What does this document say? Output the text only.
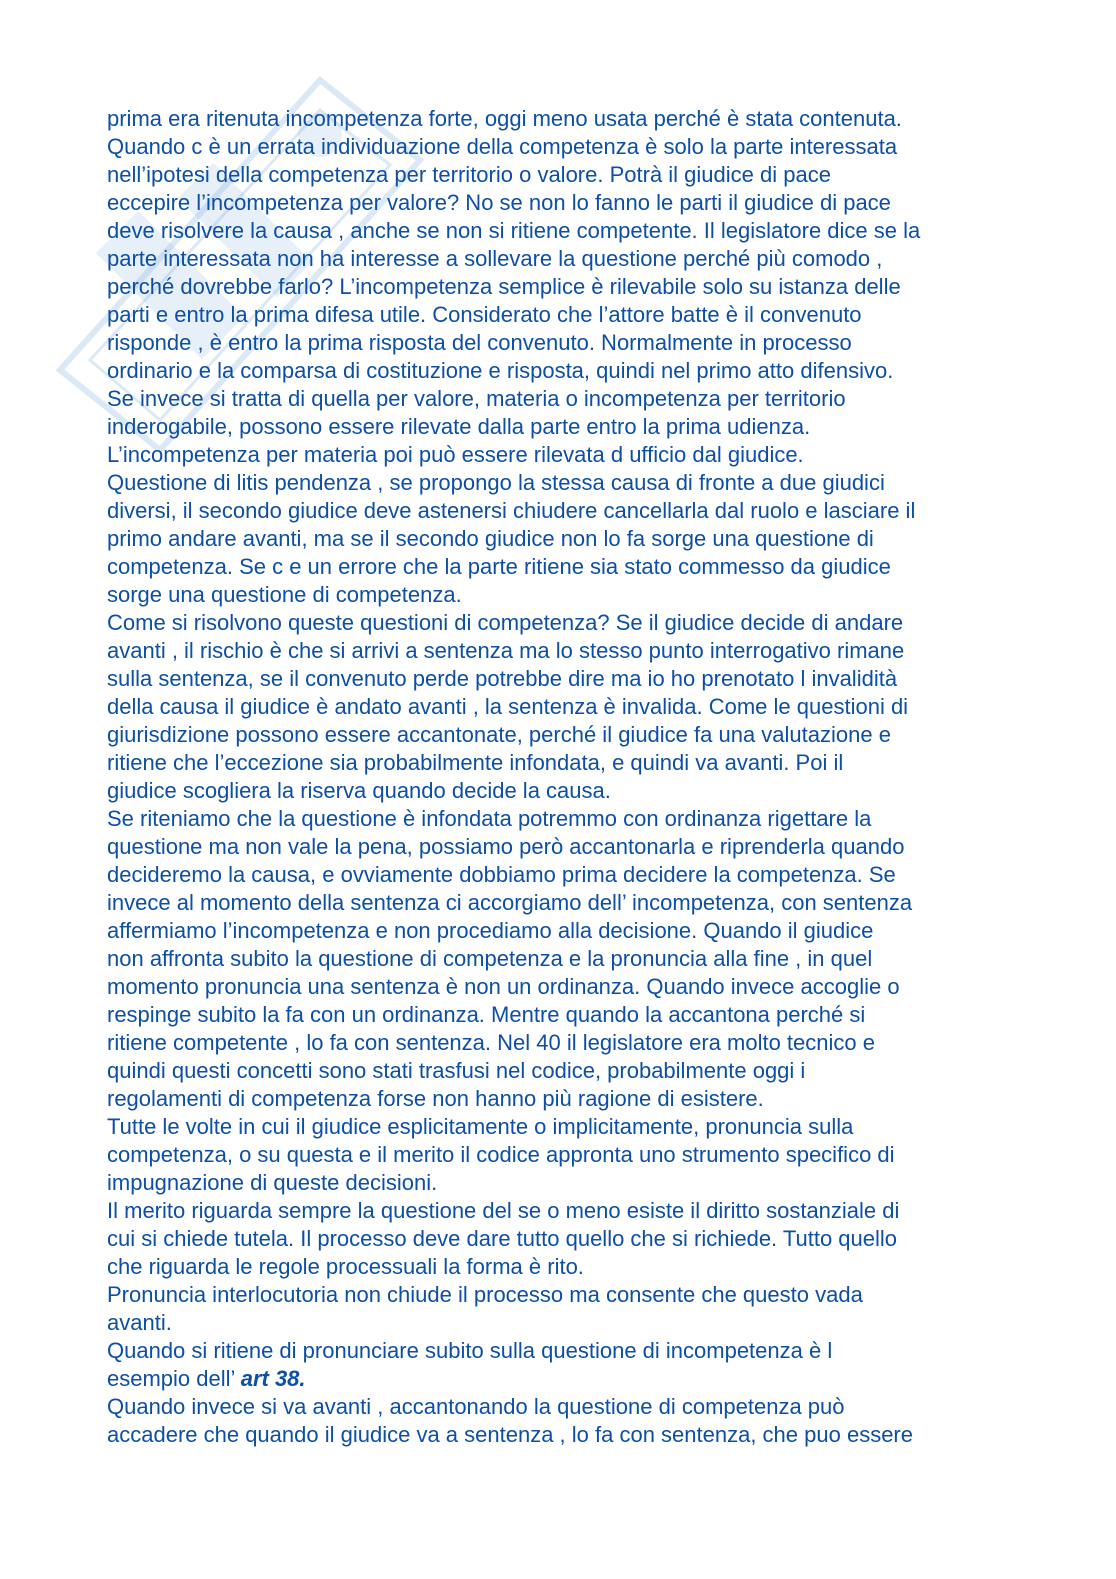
prima era ritenuta incompetenza forte, oggi meno usata perché è stata contenuta.
Quando c è un errata individuazione della competenza è solo la parte interessata
nell’ipotesi della competenza per territorio o valore. Potrà il giudice di pace
eccepire l’incompetenza per valore? No se non lo fanno le parti il giudice di pace
deve risolvere la causa , anche se non si ritiene competente. Il legislatore dice se la
parte interessata non ha interesse a sollevare la questione perché più comodo ,
perché dovrebbe farlo? L’incompetenza semplice è rilevabile solo su istanza delle
parti e entro la prima difesa utile. Considerato che l’attore batte è il convenuto
risponde , è entro la prima risposta del convenuto. Normalmente in processo
ordinario e la comparsa di costituzione e risposta, quindi nel primo atto difensivo.
Se invece si tratta di quella per valore, materia o incompetenza per territorio
inderogabile, possono essere rilevate dalla parte entro la prima udienza.
L’incompetenza per materia poi può essere rilevata d ufficio dal giudice.
Questione di litis pendenza , se propongo la stessa causa di fronte a due giudici
diversi, il secondo giudice deve astenersi chiudere cancellarla dal ruolo e lasciare il
primo andare avanti, ma se il secondo giudice non lo fa sorge una questione di
competenza. Se c e un errore che la parte ritiene sia stato commesso da giudice
sorge una questione di competenza.
Come si risolvono queste questioni di competenza? Se il giudice decide di andare
avanti , il rischio è che si arrivi a sentenza ma lo stesso punto interrogativo rimane
sulla sentenza, se il convenuto perde potrebbe dire ma io ho prenotato l invalidità
della causa il giudice è andato avanti , la sentenza è invalida. Come le questioni di
giurisdizione possono essere accantonate, perché il giudice fa una valutazione e
ritiene che l’eccezione sia probabilmente infondata, e quindi va avanti. Poi il
giudice scogliera la riserva quando decide la causa.
Se riteniamo che la questione è infondata potremmo con ordinanza rigettare la
questione ma non vale la pena, possiamo però accantonarla e riprenderla quando
decideremo la causa, e ovviamente dobbiamo prima decidere la competenza. Se
invece al momento della sentenza ci accorgiamo dell’ incompetenza, con sentenza
affermiamo l’incompetenza e non procediamo alla decisione. Quando il giudice
non affronta subito la questione di competenza e la pronuncia alla fine , in quel
momento pronuncia una sentenza è non un ordinanza. Quando invece accoglie o
respinge subito la fa con un ordinanza. Mentre quando la accantona perché si
ritiene competente , lo fa con sentenza. Nel 40 il legislatore era molto tecnico e
quindi questi concetti sono stati trasfusi nel codice, probabilmente oggi i
regolamenti di competenza forse non hanno più ragione di esistere.
Tutte le volte in cui il giudice esplicitamente o implicitamente, pronuncia sulla
competenza, o su questa e il merito il codice appronta uno strumento specifico di
impugnazione di queste decisioni.
Il merito riguarda sempre la questione del se o meno esiste il diritto sostanziale di
cui si chiede tutela. Il processo deve dare tutto quello che si richiede. Tutto quello
che riguarda le regole processuali la forma è rito.
Pronuncia interlocutoria non chiude il processo ma consente che questo vada
avanti.
Quando si ritiene di pronunciare subito sulla questione di incompetenza è l
esempio dell’ art 38.
Quando invece si va avanti , accantonando la questione di competenza può
accadere che quando il giudice va a sentenza , lo fa con sentenza, che puo essere
